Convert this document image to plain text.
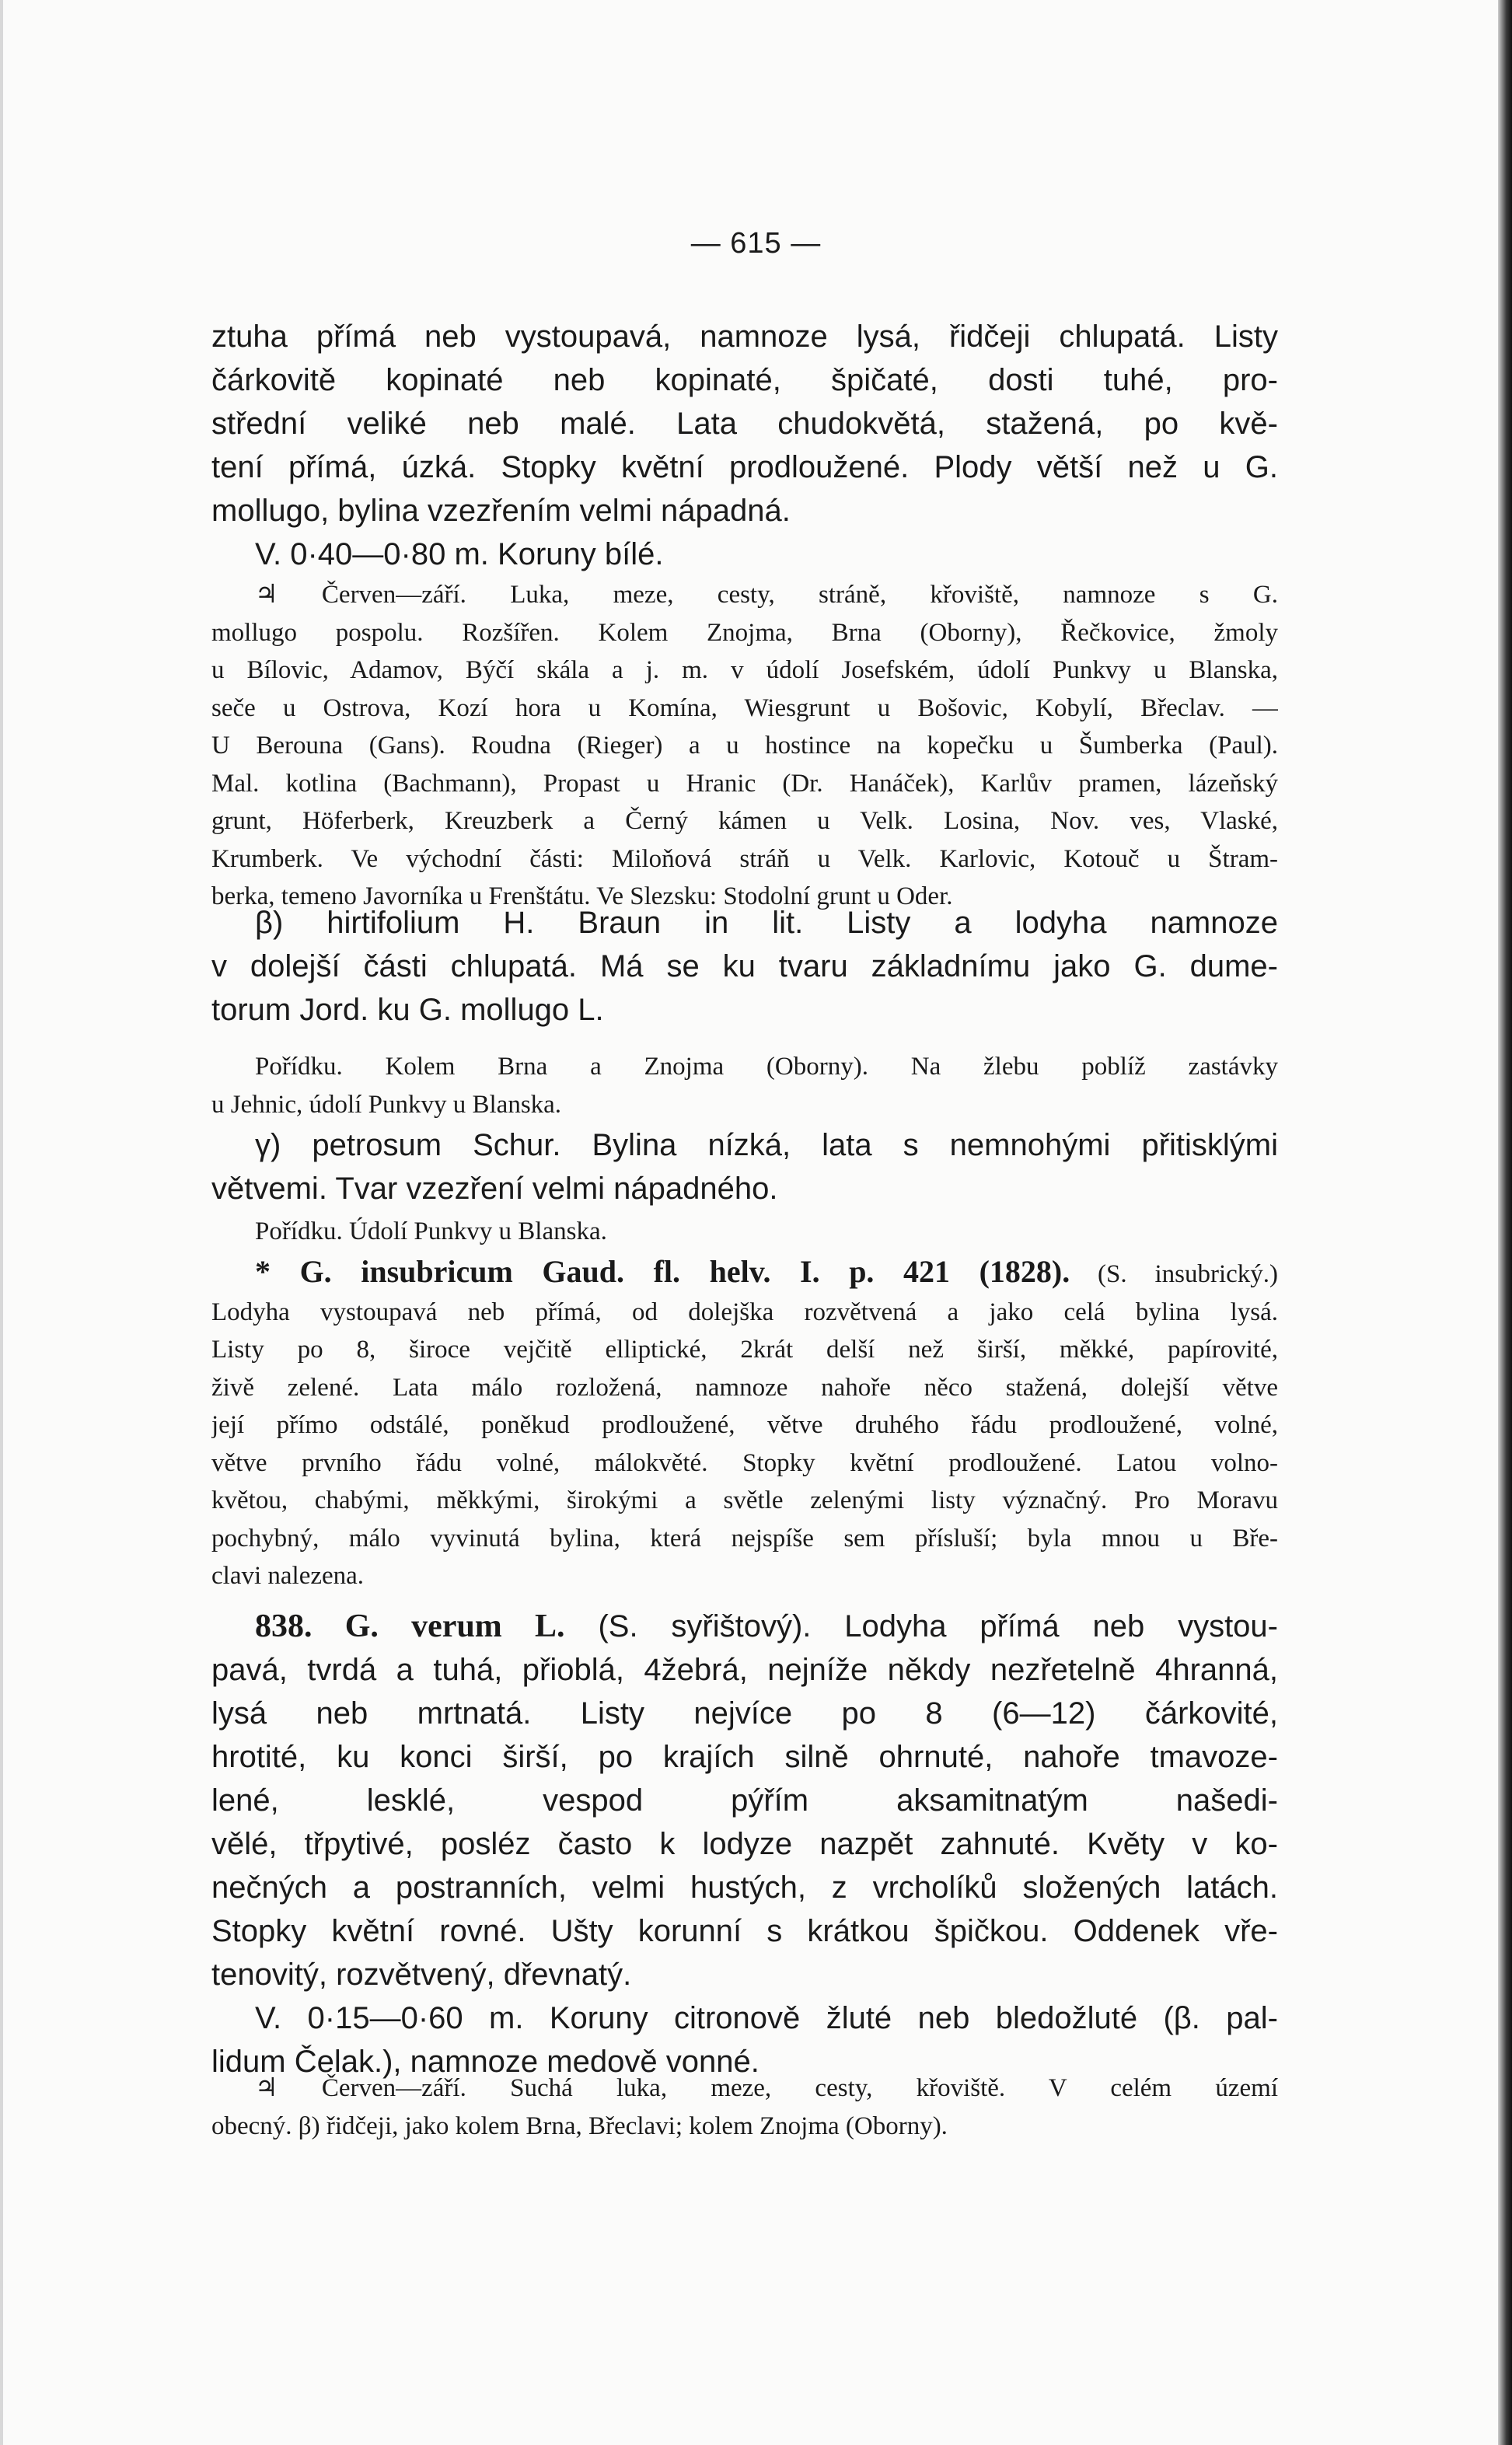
— 615 —
ztuha přímá neb vystoupavá, namnoze lysá, řidčeji chlupatá. Listy
čárkovitě kopinaté neb kopinaté, špičaté, dosti tuhé, pro-
střední veliké neb malé. Lata chudokvětá, stažená, po kvě-
tení přímá, úzká. Stopky květní prodloužené. Plody větší než u G.
mollugo, bylina vzezřením velmi nápadná.
V. 0·40—0·80 m. Koruny bílé.
♃ Červen—září. Luka, meze, cesty, stráně, křoviště, namnoze s G.
mollugo pospolu. Rozšířen. Kolem Znojma, Brna (Oborny), Řečkovice, žmoly
u Bílovic, Adamov, Býčí skála a j. m. v údolí Josefském, údolí Punkvy u Blanska,
seče u Ostrova, Kozí hora u Komína, Wiesgrunt u Bošovic, Kobylí, Břeclav. —
U Berouna (Gans). Roudna (Rieger) a u hostince na kopečku u Šumberka (Paul).
Mal. kotlina (Bachmann), Propast u Hranic (Dr. Hanáček), Karlův pramen, lázeňský
grunt, Höferberk, Kreuzberk a Černý kámen u Velk. Losina, Nov. ves, Vlaské,
Krumberk. Ve východní části: Miloňová stráň u Velk. Karlovic, Kotouč u Štram-
berka, temeno Javorníka u Frenštátu. Ve Slezsku: Stodolní grunt u Oder.
β) hirtifolium H. Braun in lit. Listy a lodyha namnoze
v dolejší části chlupatá. Má se ku tvaru základnímu jako G. dume-
torum Jord. ku G. mollugo L.
Pořídku. Kolem Brna a Znojma (Oborny). Na žlebu poblíž zastávky
u Jehnic, údolí Punkvy u Blanska.
γ) petrosum Schur. Bylina nízká, lata s nemnohými přitisklými
větvemi. Tvar vzezření velmi nápadného.
Pořídku. Údolí Punkvy u Blanska.
* G. insubricum Gaud. fl. helv. I. p. 421 (1828). (S. insubrický.)
Lodyha vystoupavá neb přímá, od dolejška rozvětvená a jako celá bylina lysá.
Listy po 8, široce vejčitě elliptické, 2krát delší než širší, měkké, papírovité,
živě zelené. Lata málo rozložená, namnoze nahoře něco stažená, dolejší větve
její přímo odstálé, poněkud prodloužené, větve druhého řádu prodloužené, volné,
větve prvního řádu volné, málokvěté. Stopky květní prodloužené. Latou volno-
květou, chabými, měkkými, širokými a světle zelenými listy význačný. Pro Moravu
pochybný, málo vyvinutá bylina, která nejspíše sem přísluší; byla mnou u Bře-
clavi nalezena.
838. G. verum L. (S. syřištový). Lodyha přímá neb vystou-
pavá, tvrdá a tuhá, přioblá, 4žebrá, nejníže někdy nezřetelně 4hranná,
lysá neb mrtnatá. Listy nejvíce po 8 (6—12) čárkovité,
hrotité, ku konci širší, po krajích silně ohrnuté, nahoře tmavoze-
lené, lesklé, vespod pýřím aksamitnatým našedi-
vělé, třpytivé, posléz často k lodyze nazpět zahnuté. Květy v ko-
nečných a postranních, velmi hustých, z vrcholíků složených latách.
Stopky květní rovné. Ušty korunní s krátkou špičkou. Oddenek vře-
tenovitý, rozvětvený, dřevnatý.
V. 0·15—0·60 m. Koruny citronově žluté neb bledožluté (β. pal-
lidum Čelak.), namnoze medově vonné.
♃ Červen—září. Suchá luka, meze, cesty, křoviště. V celém území
obecný. β) řidčeji, jako kolem Brna, Břeclavi; kolem Znojma (Oborny).
